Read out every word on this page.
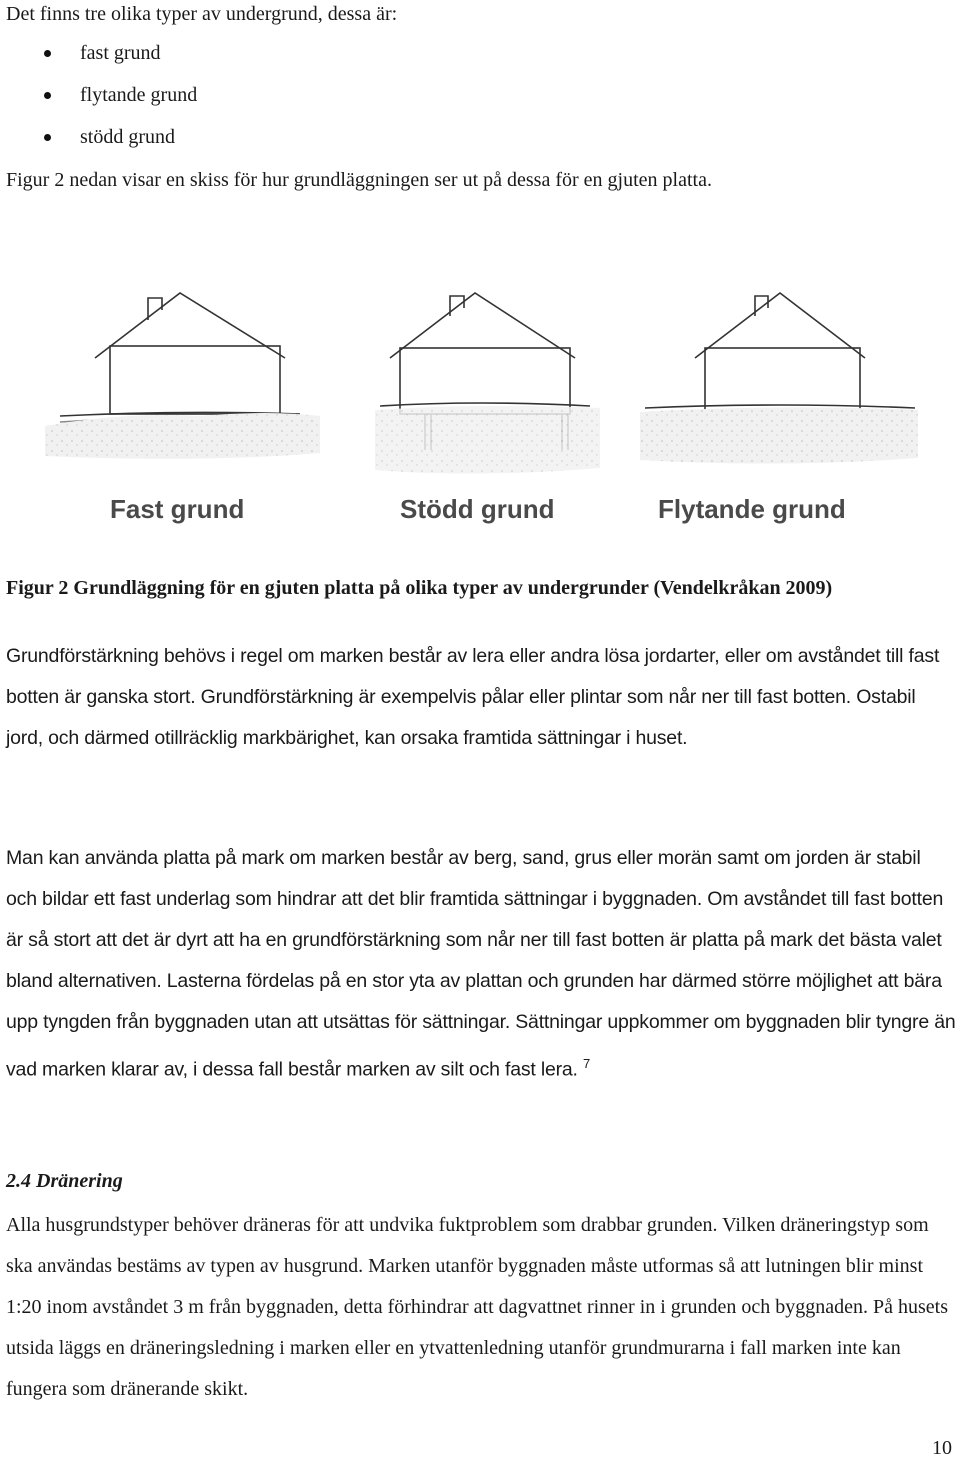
Det finns tre olika typer av undergrund, dessa är:
fast grund
flytande grund
stödd grund
Figur 2 nedan visar en skiss för hur grundläggningen ser ut på dessa för en gjuten platta.
Fast grund	Stödd grund	Flytande grund
Figur 2 Grundläggning för en gjuten platta på olika typer av undergrunder (Vendelkråkan 2009)

Grundförstärkning behövs i regel om marken består av lera eller andra lösa jordarter, eller om avståndet till fast botten är ganska stort. Grundförstärkning är exempelvis pålar eller plintar som når ner till fast botten. Ostabil jord, och därmed otillräcklig markbärighet, kan orsaka framtida sättningar i huset.

Man kan använda platta på mark om marken består av berg, sand, grus eller morän samt om jorden är stabil och bildar ett fast underlag som hindrar att det blir framtida sättningar i byggnaden. Om avståndet till fast botten är så stort att det är dyrt att ha en grundförstärkning som når ner till fast botten är platta på mark det bästa valet bland alternativen. Lasterna fördelas på en stor yta av plattan och grunden har därmed större möjlighet att bära upp tyngden från byggnaden utan att utsättas för sättningar. Sättningar uppkommer om byggnaden blir tyngre än vad marken klarar av, i dessa fall består marken av silt och fast lera. $^7$

2.4 Dränering

Alla husgrundstyper behöver dräneras för att undvika fuktproblem som drabbar grunden. Vilken dräneringstyp som ska användas bestäms av typen av husgrund. Marken utanför byggnaden måste utformas så att lutningen blir minst 1:20 inom avståndet 3 m från byggnaden, detta förhindrar att dagvattnet rinner in i grunden och byggnaden. På husets utsida läggs en dräneringsledning i marken eller en ytvattenledning utanför grundmurarna i fall marken inte kan fungera som dränerande skikt.

10
